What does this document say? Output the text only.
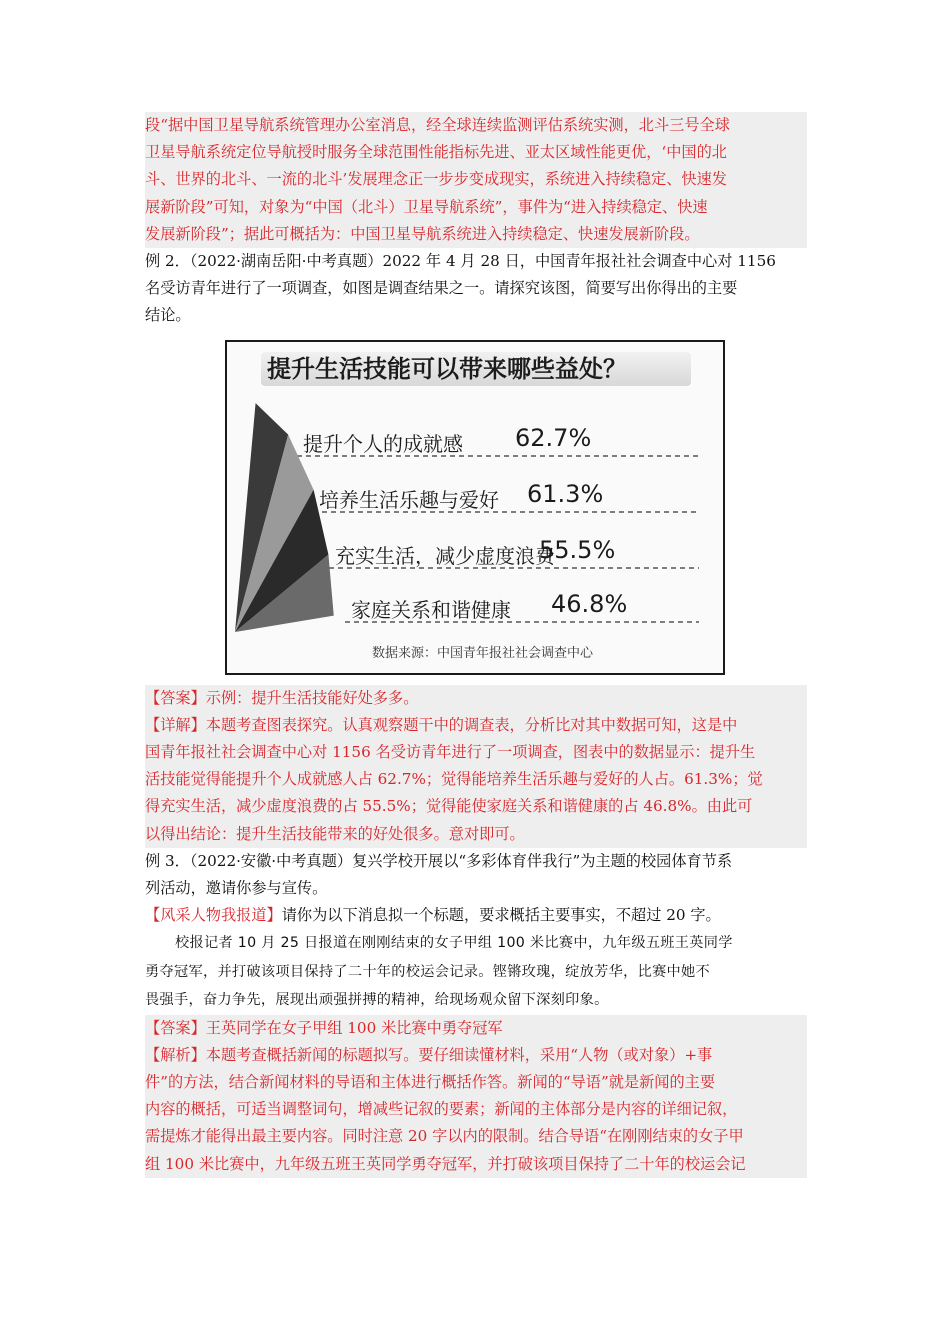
段“据中国卫星导航系统管理办公室消息，经全球连续监测评估系统实测，北斗三号全球
卫星导航系统定位导航授时服务全球范围性能指标先进、亚太区域性能更优，‘中国的北
斗、世界的北斗、一流的北斗’发展理念正一步步变成现实，系统进入持续稳定、快速发
展新阶段”可知，对象为“中国（北斗）卫星导航系统”，事件为“进入持续稳定、快速
发展新阶段”；据此可概括为：中国卫星导航系统进入持续稳定、快速发展新阶段。
例 2．（2022·湖南岳阳·中考真题）2022 年 4 月 28 日，中国青年报社社会调查中心对 1156
名受访青年进行了一项调查，如图是调查结果之一。请探究该图，简要写出你得出的主要
结论。
提升生活技能可以带来哪些益处？
提升个人的成就感 62.7%
培养生活乐趣与爱好 61.3%
充实生活，减少虚度浪费
55.5%
家庭关系和谐健康 46.8%
数据来源：中国青年报社社会调查中心
【答案】示例：提升生活技能好处多多。
【详解】本题考查图表探究。认真观察题干中的调查表，分析比对其中数据可知，这是中
国青年报社社会调查中心对 1156 名受访青年进行了一项调查，图表中的数据显示：提升生
活技能觉得能提升个人成就感人占 62.7%；觉得能培养生活乐趣与爱好的人占。61.3%；觉
得充实生活，减少虚度浪费的占 55.5%；觉得能使家庭关系和谐健康的占 46.8%。由此可
以得出结论：提升生活技能带来的好处很多。意对即可。
例 3．（2022·安徽·中考真题）复兴学校开展以“多彩体育伴我行”为主题的校园体育节系
列活动，邀请你参与宣传。
【风采人物我报道】请你为以下消息拟一个标题，要求概括主要事实，不超过 20 字。
校报记者 10 月 25 日报道在刚刚结束的女子甲组 100 米比赛中，九年级五班王英同学
勇夺冠军，并打破该项目保持了二十年的校运会记录。铿锵玫瑰，绽放芳华，比赛中她不
畏强手，奋力争先，展现出顽强拼搏的精神，给现场观众留下深刻印象。
【答案】王英同学在女子甲组 100 米比赛中勇夺冠军
【解析】本题考查概括新闻的标题拟写。要仔细读懂材料，采用“人物（或对象）+事
件”的方法，结合新闻材料的导语和主体进行概括作答。新闻的“导语”就是新闻的主要
内容的概括，可适当调整词句，增减些记叙的要素；新闻的主体部分是内容的详细记叙，
需提炼才能得出最主要内容。同时注意 20 字以内的限制。结合导语“在刚刚结束的女子甲
组 100 米比赛中，九年级五班王英同学勇夺冠军，并打破该项目保持了二十年的校运会记
